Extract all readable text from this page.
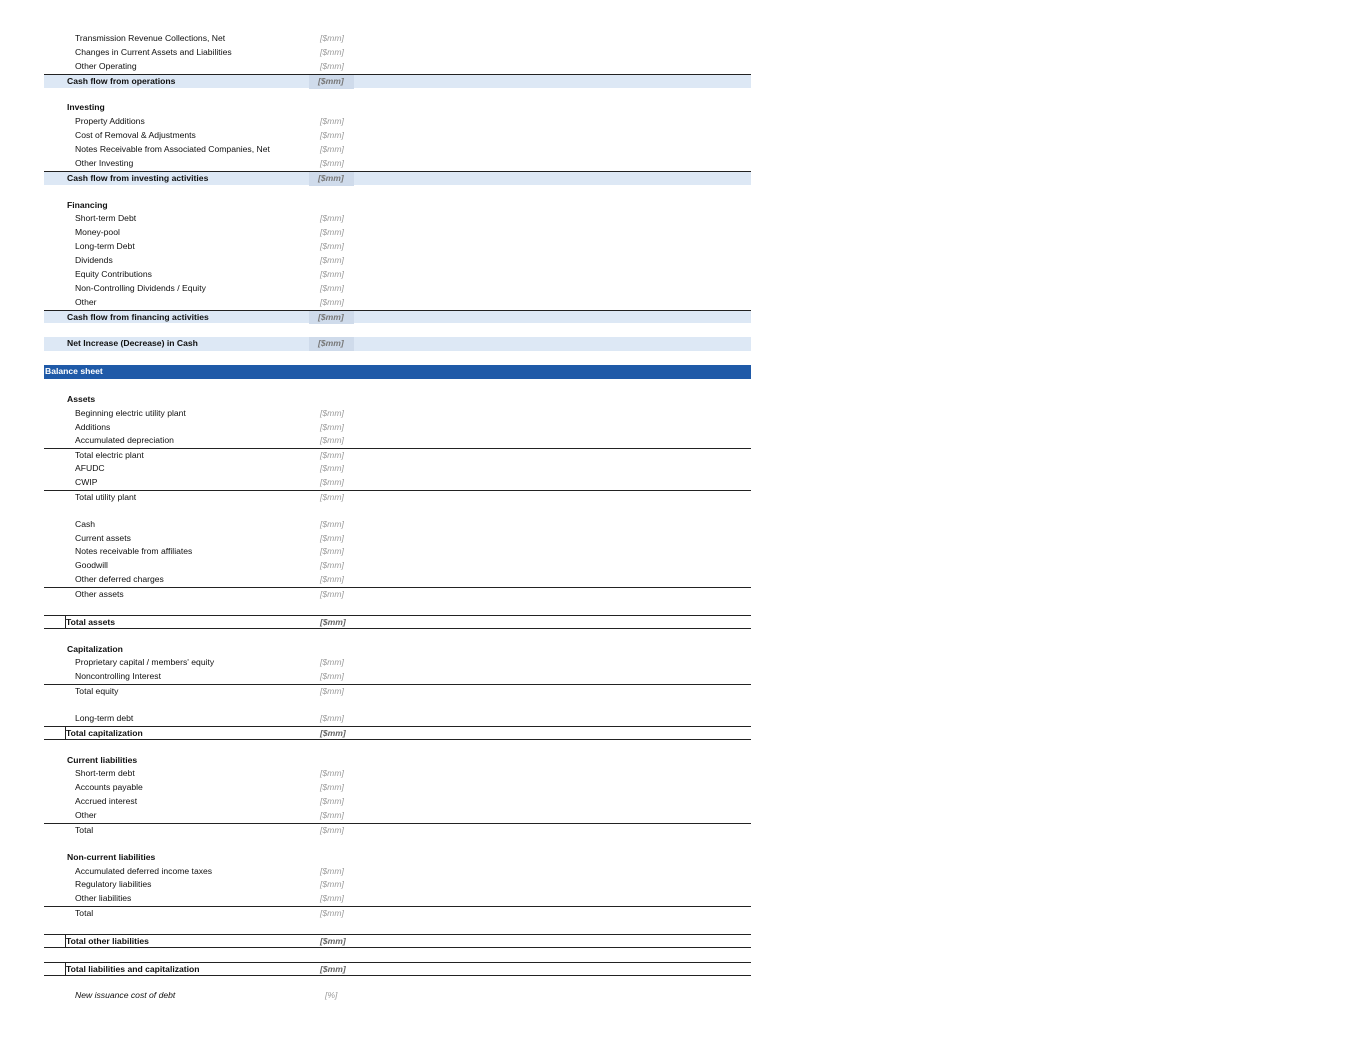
Transmission Revenue Collections, Net	[$mm]
Changes in Current Assets and Liabilities	[$mm]
Other Operating	[$mm]
Cash flow from operations	[$mm]
Investing
Property Additions	[$mm]
Cost of Removal & Adjustments	[$mm]
Notes Receivable from Associated Companies, Net	[$mm]
Other Investing	[$mm]
Cash flow from investing activities	[$mm]
Financing
Short-term Debt	[$mm]
Money-pool	[$mm]
Long-term Debt	[$mm]
Dividends	[$mm]
Equity Contributions	[$mm]
Non-Controlling Dividends / Equity	[$mm]
Other	[$mm]
Cash flow from financing activities	[$mm]
Net Increase (Decrease) in Cash	[$mm]
Balance sheet
Assets
Beginning electric utility plant	[$mm]
Additions	[$mm]
Accumulated depreciation	[$mm]
Total electric plant	[$mm]
AFUDC	[$mm]
CWIP	[$mm]
Total utility plant	[$mm]
Cash	[$mm]
Current assets	[$mm]
Notes receivable from affiliates	[$mm]
Goodwill	[$mm]
Other deferred charges	[$mm]
Other assets	[$mm]
Total assets	[$mm]
Capitalization
Proprietary capital / members' equity	[$mm]
Noncontrolling Interest	[$mm]
Total equity	[$mm]
Long-term debt	[$mm]
Total capitalization	[$mm]
Current liabilities
Short-term debt	[$mm]
Accounts payable	[$mm]
Accrued interest	[$mm]
Other	[$mm]
Total	[$mm]
Non-current liabilities
Accumulated deferred income taxes	[$mm]
Regulatory liabilities	[$mm]
Other liabilities	[$mm]
Total	[$mm]
Total other liabilities	[$mm]
Total liabilities and capitalization	[$mm]
New issuance cost of debt	[%]
